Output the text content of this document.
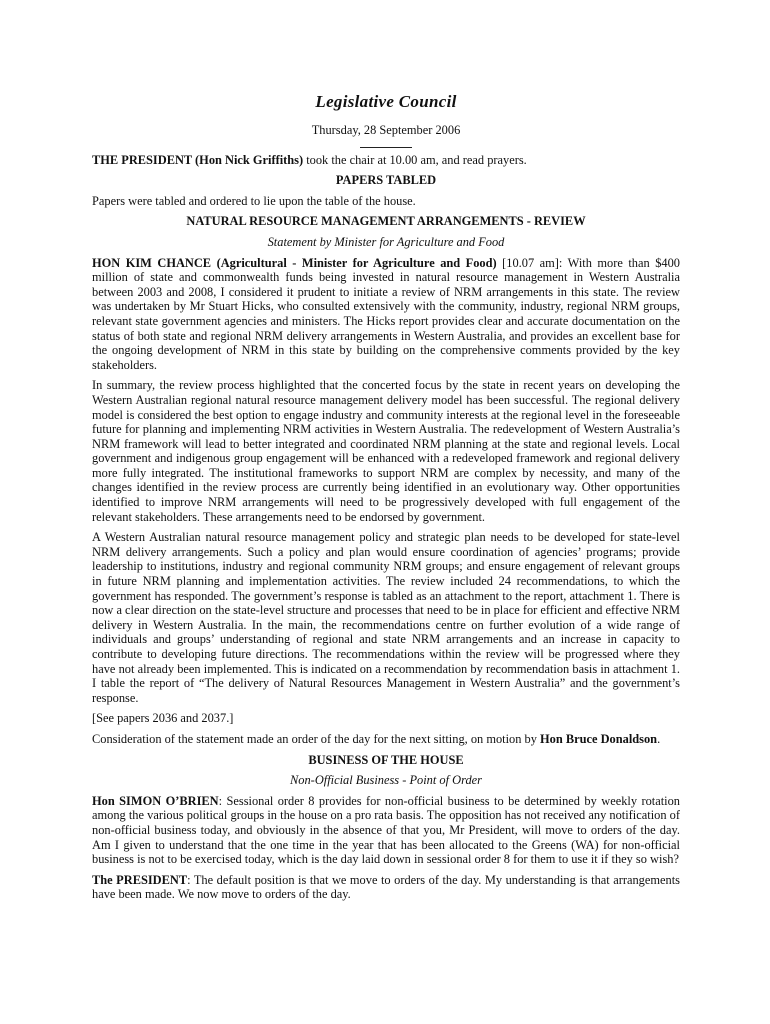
Legislative Council
Thursday, 28 September 2006

THE PRESIDENT (Hon Nick Griffiths) took the chair at 10.00 am, and read prayers.

PAPERS TABLED

Papers were tabled and ordered to lie upon the table of the house.

NATURAL RESOURCE MANAGEMENT ARRANGEMENTS - REVIEW
Statement by Minister for Agriculture and Food

HON KIM CHANCE (Agricultural - Minister for Agriculture and Food) [10.07 am]: With more than $400 million of state and commonwealth funds being invested in natural resource management in Western Australia between 2003 and 2008, I considered it prudent to initiate a review of NRM arrangements in this state. The review was undertaken by Mr Stuart Hicks, who consulted extensively with the community, industry, regional NRM groups, relevant state government agencies and ministers. The Hicks report provides clear and accurate documentation on the status of both state and regional NRM delivery arrangements in Western Australia, and provides an excellent base for the ongoing development of NRM in this state by building on the comprehensive comments provided by the key stakeholders.

In summary, the review process highlighted that the concerted focus by the state in recent years on developing the Western Australian regional natural resource management delivery model has been successful. The regional delivery model is considered the best option to engage industry and community interests at the regional level in the foreseeable future for planning and implementing NRM activities in Western Australia. The redevelopment of Western Australia’s NRM framework will lead to better integrated and coordinated NRM planning at the state and regional levels. Local government and indigenous group engagement will be enhanced with a redeveloped framework and regional delivery more fully integrated. The institutional frameworks to support NRM are complex by necessity, and many of the changes identified in the review process are currently being identified in an evolutionary way. Other opportunities identified to improve NRM arrangements will need to be progressively developed with full engagement of the relevant stakeholders. These arrangements need to be endorsed by government.

A Western Australian natural resource management policy and strategic plan needs to be developed for state-level NRM delivery arrangements. Such a policy and plan would ensure coordination of agencies’ programs; provide leadership to institutions, industry and regional community NRM groups; and ensure engagement of relevant groups in future NRM planning and implementation activities. The review included 24 recommendations, to which the government has responded. The government’s response is tabled as an attachment to the report, attachment 1. There is now a clear direction on the state-level structure and processes that need to be in place for efficient and effective NRM delivery in Western Australia. In the main, the recommendations centre on further evolution of a wide range of individuals and groups’ understanding of regional and state NRM arrangements and an increase in capacity to contribute to developing future directions. The recommendations within the review will be progressed where they have not already been implemented. This is indicated on a recommendation by recommendation basis in attachment 1. I table the report of “The delivery of Natural Resources Management in Western Australia” and the government’s response.

[See papers 2036 and 2037.]

Consideration of the statement made an order of the day for the next sitting, on motion by Hon Bruce Donaldson.

BUSINESS OF THE HOUSE
Non-Official Business - Point of Order

Hon SIMON O’BRIEN: Sessional order 8 provides for non-official business to be determined by weekly rotation among the various political groups in the house on a pro rata basis. The opposition has not received any notification of non-official business today, and obviously in the absence of that you, Mr President, will move to orders of the day. Am I given to understand that the one time in the year that has been allocated to the Greens (WA) for non-official business is not to be exercised today, which is the day laid down in sessional order 8 for them to use it if they so wish?

The PRESIDENT: The default position is that we move to orders of the day. My understanding is that arrangements have been made. We now move to orders of the day.
